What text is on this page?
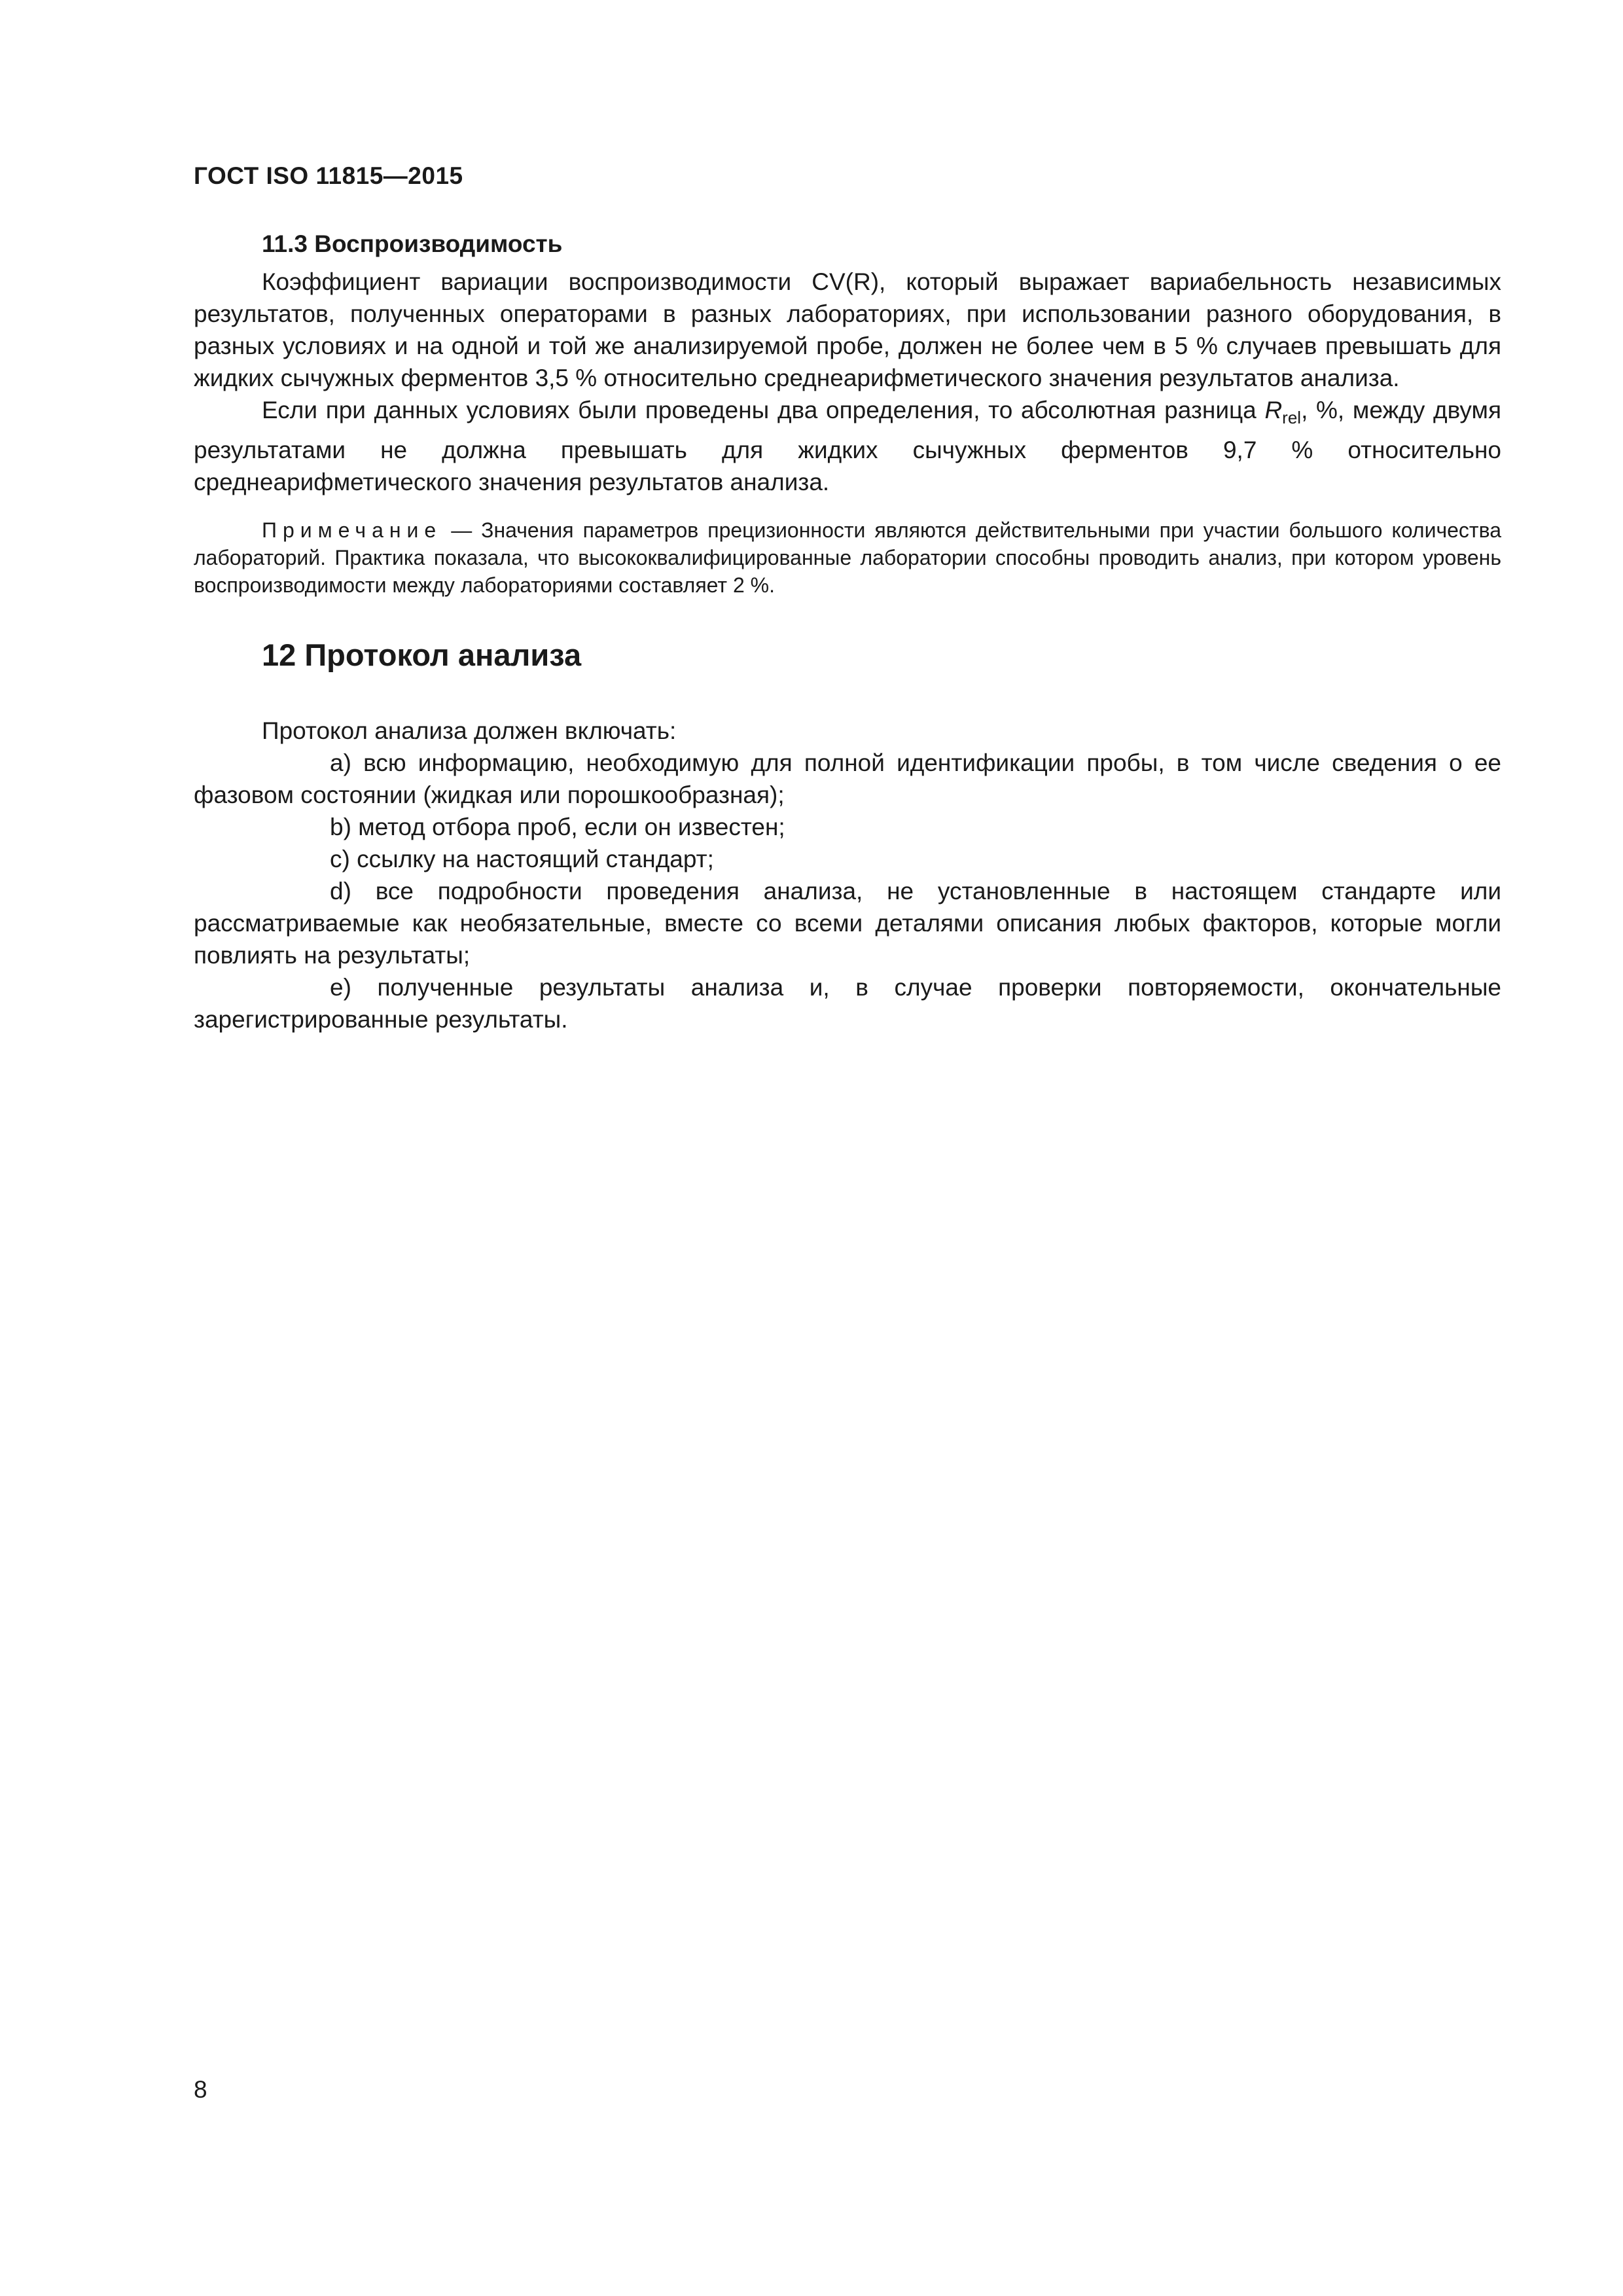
ГОСТ ISO 11815—2015
11.3 Воспроизводимость

Коэффициент вариации воспроизводимости CV(R), который выражает вариабельность независимых результатов, полученных операторами в разных лабораториях, при использовании разного оборудования, в разных условиях и на одной и той же анализируемой пробе, должен не более чем в 5 % случаев превышать для жидких сычужных ферментов 3,5 % относительно среднеарифметического значения результатов анализа.

Если при данных условиях были проведены два определения, то абсолютная разница $R_{rel}$, %, между двумя результатами не должна превышать для жидких сычужных ферментов 9,7 % относительно среднеарифметического значения результатов анализа.

Примечание — Значения параметров прецизионности являются действительными при участии большого количества лабораторий. Практика показала, что высококвалифицированные лаборатории способны проводить анализ, при котором уровень воспроизводимости между лабораториями составляет 2 %.

12 Протокол анализа

Протокол анализа должен включать:

a) всю информацию, необходимую для полной идентификации пробы, в том числе сведения о ее фазовом состоянии (жидкая или порошкообразная);

b) метод отбора проб, если он известен;

c) ссылку на настоящий стандарт;

d) все подробности проведения анализа, не установленные в настоящем стандарте или рассматриваемые как необязательные, вместе со всеми деталями описания любых факторов, которые могли повлиять на результаты;

e) полученные результаты анализа и, в случае проверки повторяемости, окончательные зарегистрированные результаты.

8
